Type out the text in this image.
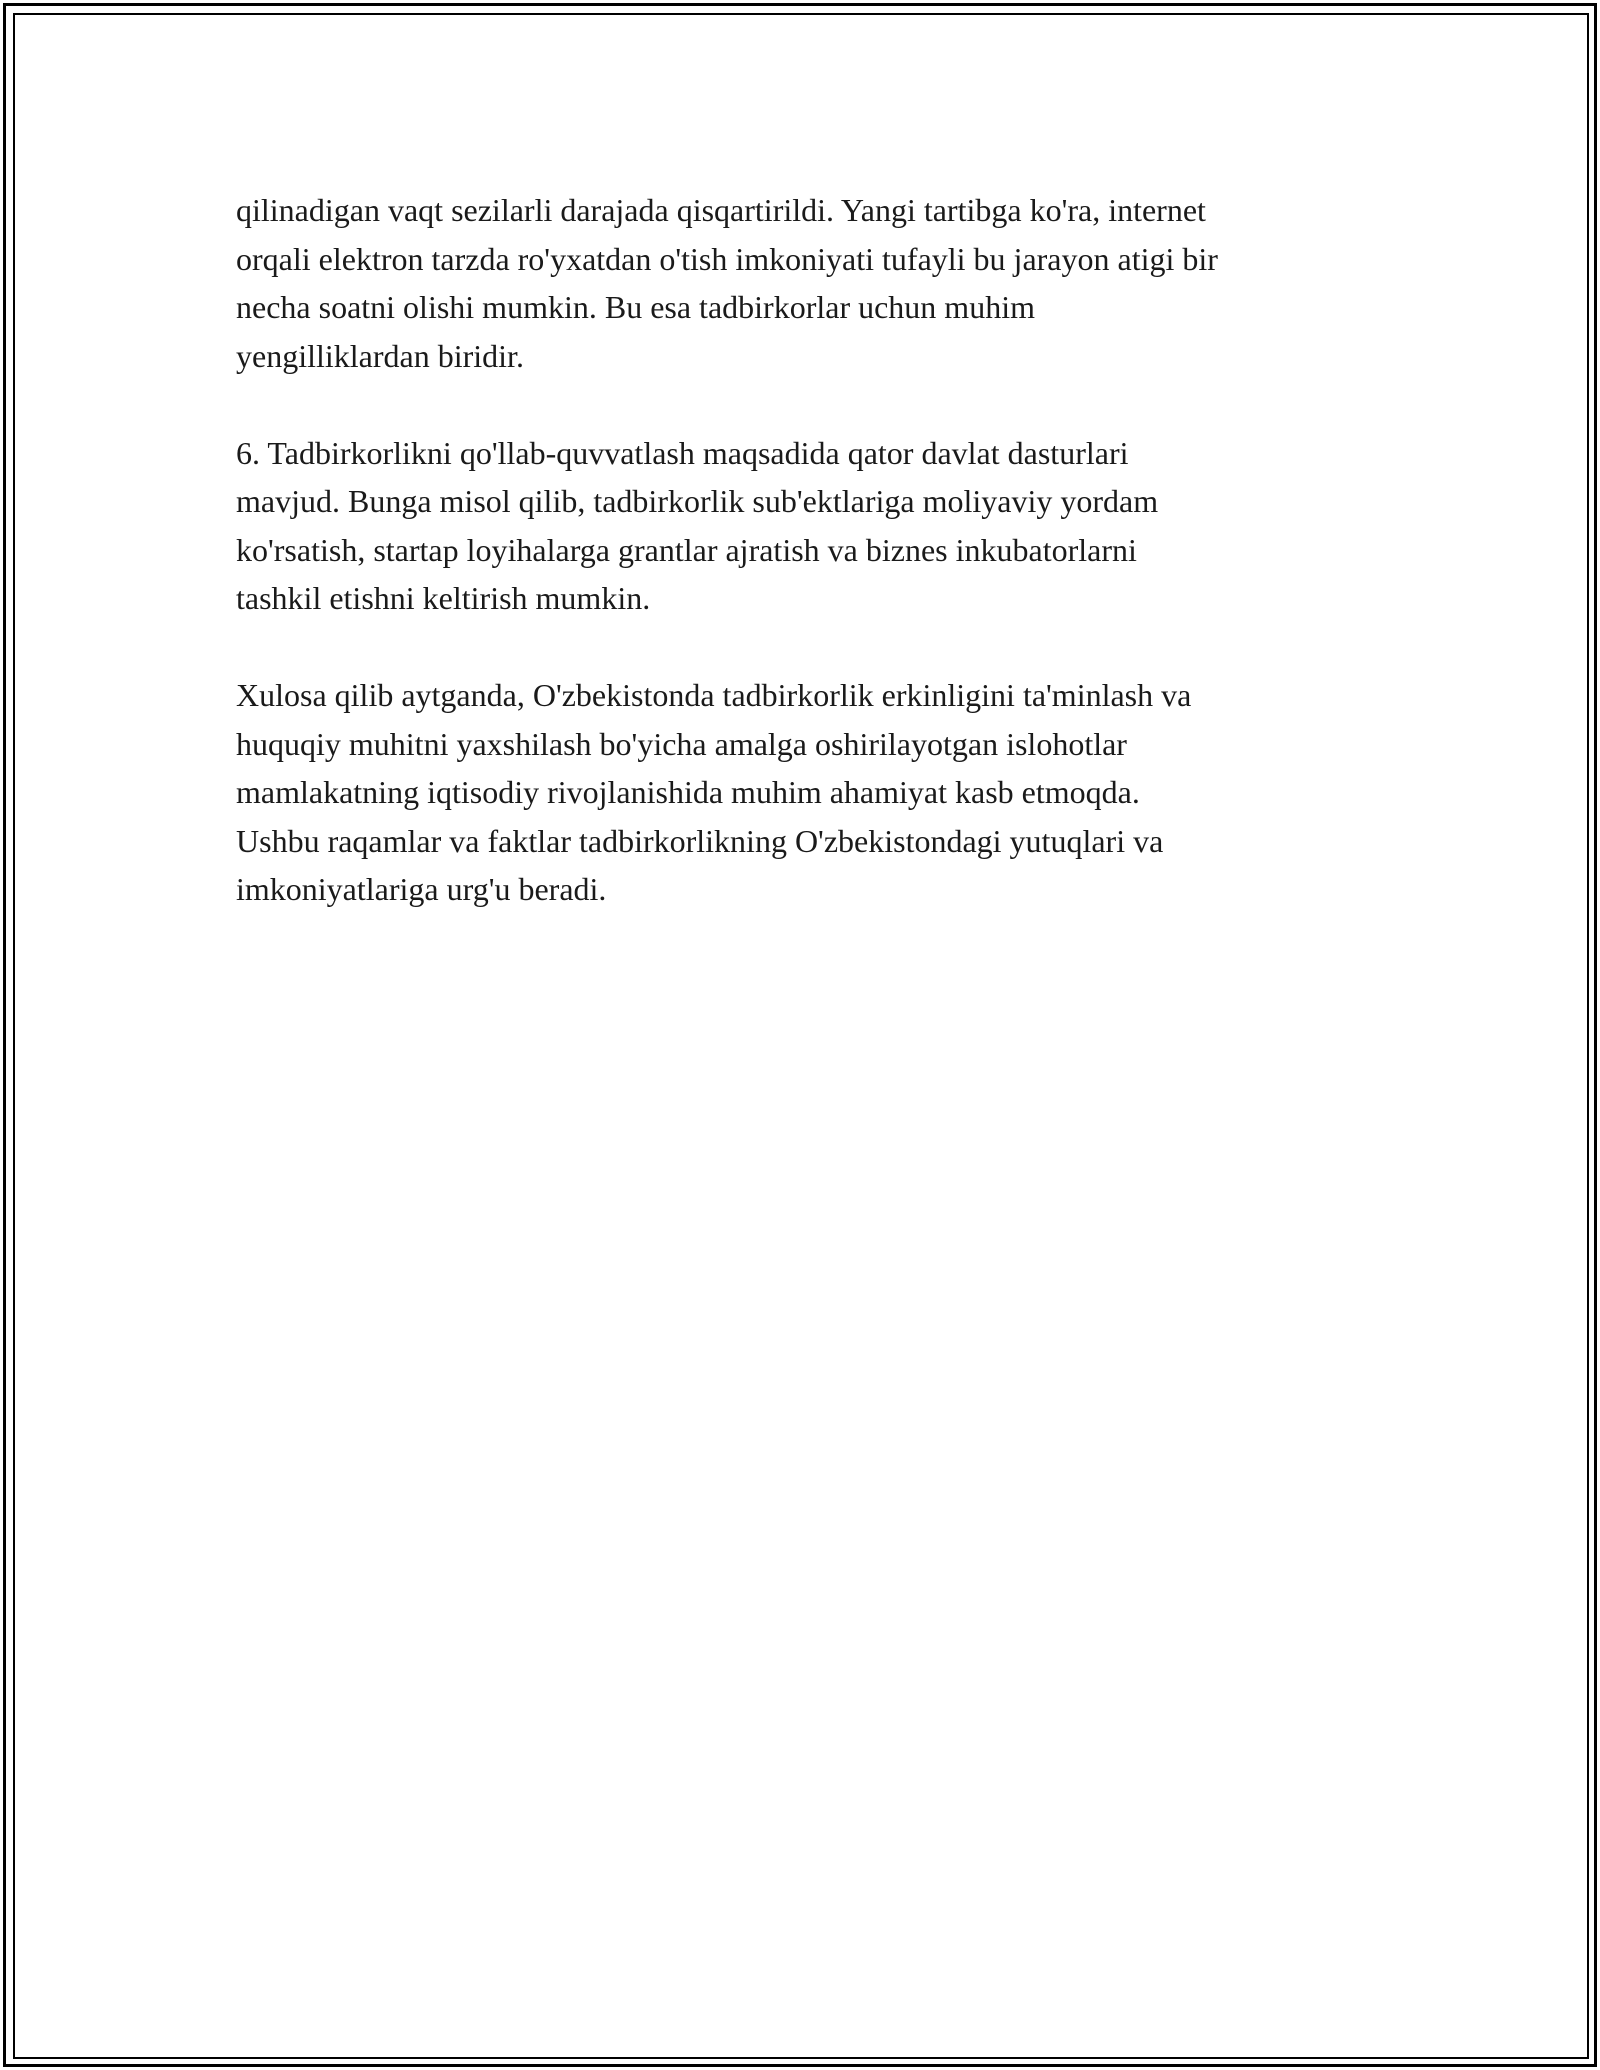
qilinadigan vaqt sezilarli darajada qisqartirildi. Yangi tartibga ko'ra, internet
orqali elektron tarzda ro'yxatdan o'tish imkoniyati tufayli bu jarayon atigi bir
necha soatni olishi mumkin. Bu esa tadbirkorlar uchun muhim
yengilliklardan biridir.

6. Tadbirkorlikni qo'llab-quvvatlash maqsadida qator davlat dasturlari
mavjud. Bunga misol qilib, tadbirkorlik sub'ektlariga moliyaviy yordam
ko'rsatish, startap loyihalarga grantlar ajratish va biznes inkubatorlarni
tashkil etishni keltirish mumkin.

Xulosa qilib aytganda, O'zbekistonda tadbirkorlik erkinligini ta'minlash va
huquqiy muhitni yaxshilash bo'yicha amalga oshirilayotgan islohotlar
mamlakatning iqtisodiy rivojlanishida muhim ahamiyat kasb etmoqda.
Ushbu raqamlar va faktlar tadbirkorlikning O'zbekistondagi yutuqlari va
imkoniyatlariga urg'u beradi.
